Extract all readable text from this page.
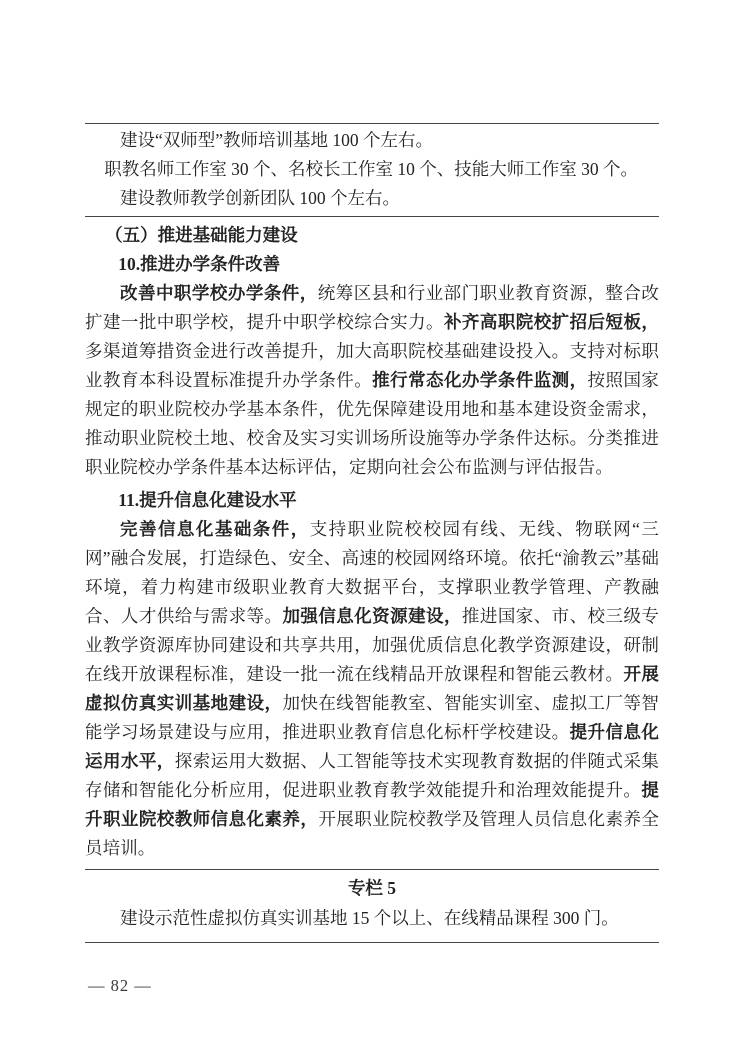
建设“双师型”教师培训基地 100 个左右。

职教名师工作室 30 个、名校长工作室 10 个、技能大师工作室 30 个。

建设教师教学创新团队 100 个左右。

（五）推进基础能力建设
10.推进办学条件改善

改善中职学校办学条件，统筹区县和行业部门职业教育资源，整合改扩建一批中职学校，提升中职学校综合实力。补齐高职院校扩招后短板，多渠道筹措资金进行改善提升，加大高职院校基础建设投入。支持对标职业教育本科设置标准提升办学条件。推行常态化办学条件监测，按照国家规定的职业院校办学基本条件，优先保障建设用地和基本建设资金需求，推动职业院校土地、校舍及实习实训场所设施等办学条件达标。分类推进职业院校办学条件基本达标评估，定期向社会公布监测与评估报告。

11.提升信息化建设水平

完善信息化基础条件，支持职业院校校园有线、无线、物联网“三网”融合发展，打造绿色、安全、高速的校园网络环境。依托“渝教云”基础环境，着力构建市级职业教育大数据平台，支撑职业教学管理、产教融合、人才供给与需求等。加强信息化资源建设，推进国家、市、校三级专业教学资源库协同建设和共享共用，加强优质信息化教学资源建设，研制在线开放课程标准，建设一批一流在线精品开放课程和智能云教材。开展虚拟仿真实训基地建设，加快在线智能教室、智能实训室、虚拟工厂等智能学习场景建设与应用，推进职业教育信息化标杆学校建设。提升信息化运用水平，探索运用大数据、人工智能等技术实现教育数据的伴随式采集存储和智能化分析应用，促进职业教育教学效能提升和治理效能提升。提升职业院校教师信息化素养，开展职业院校教学及管理人员信息化素养全员培训。

专栏 5

建设示范性虚拟仿真实训基地 15 个以上、在线精品课程 300 门。

— 82 —
